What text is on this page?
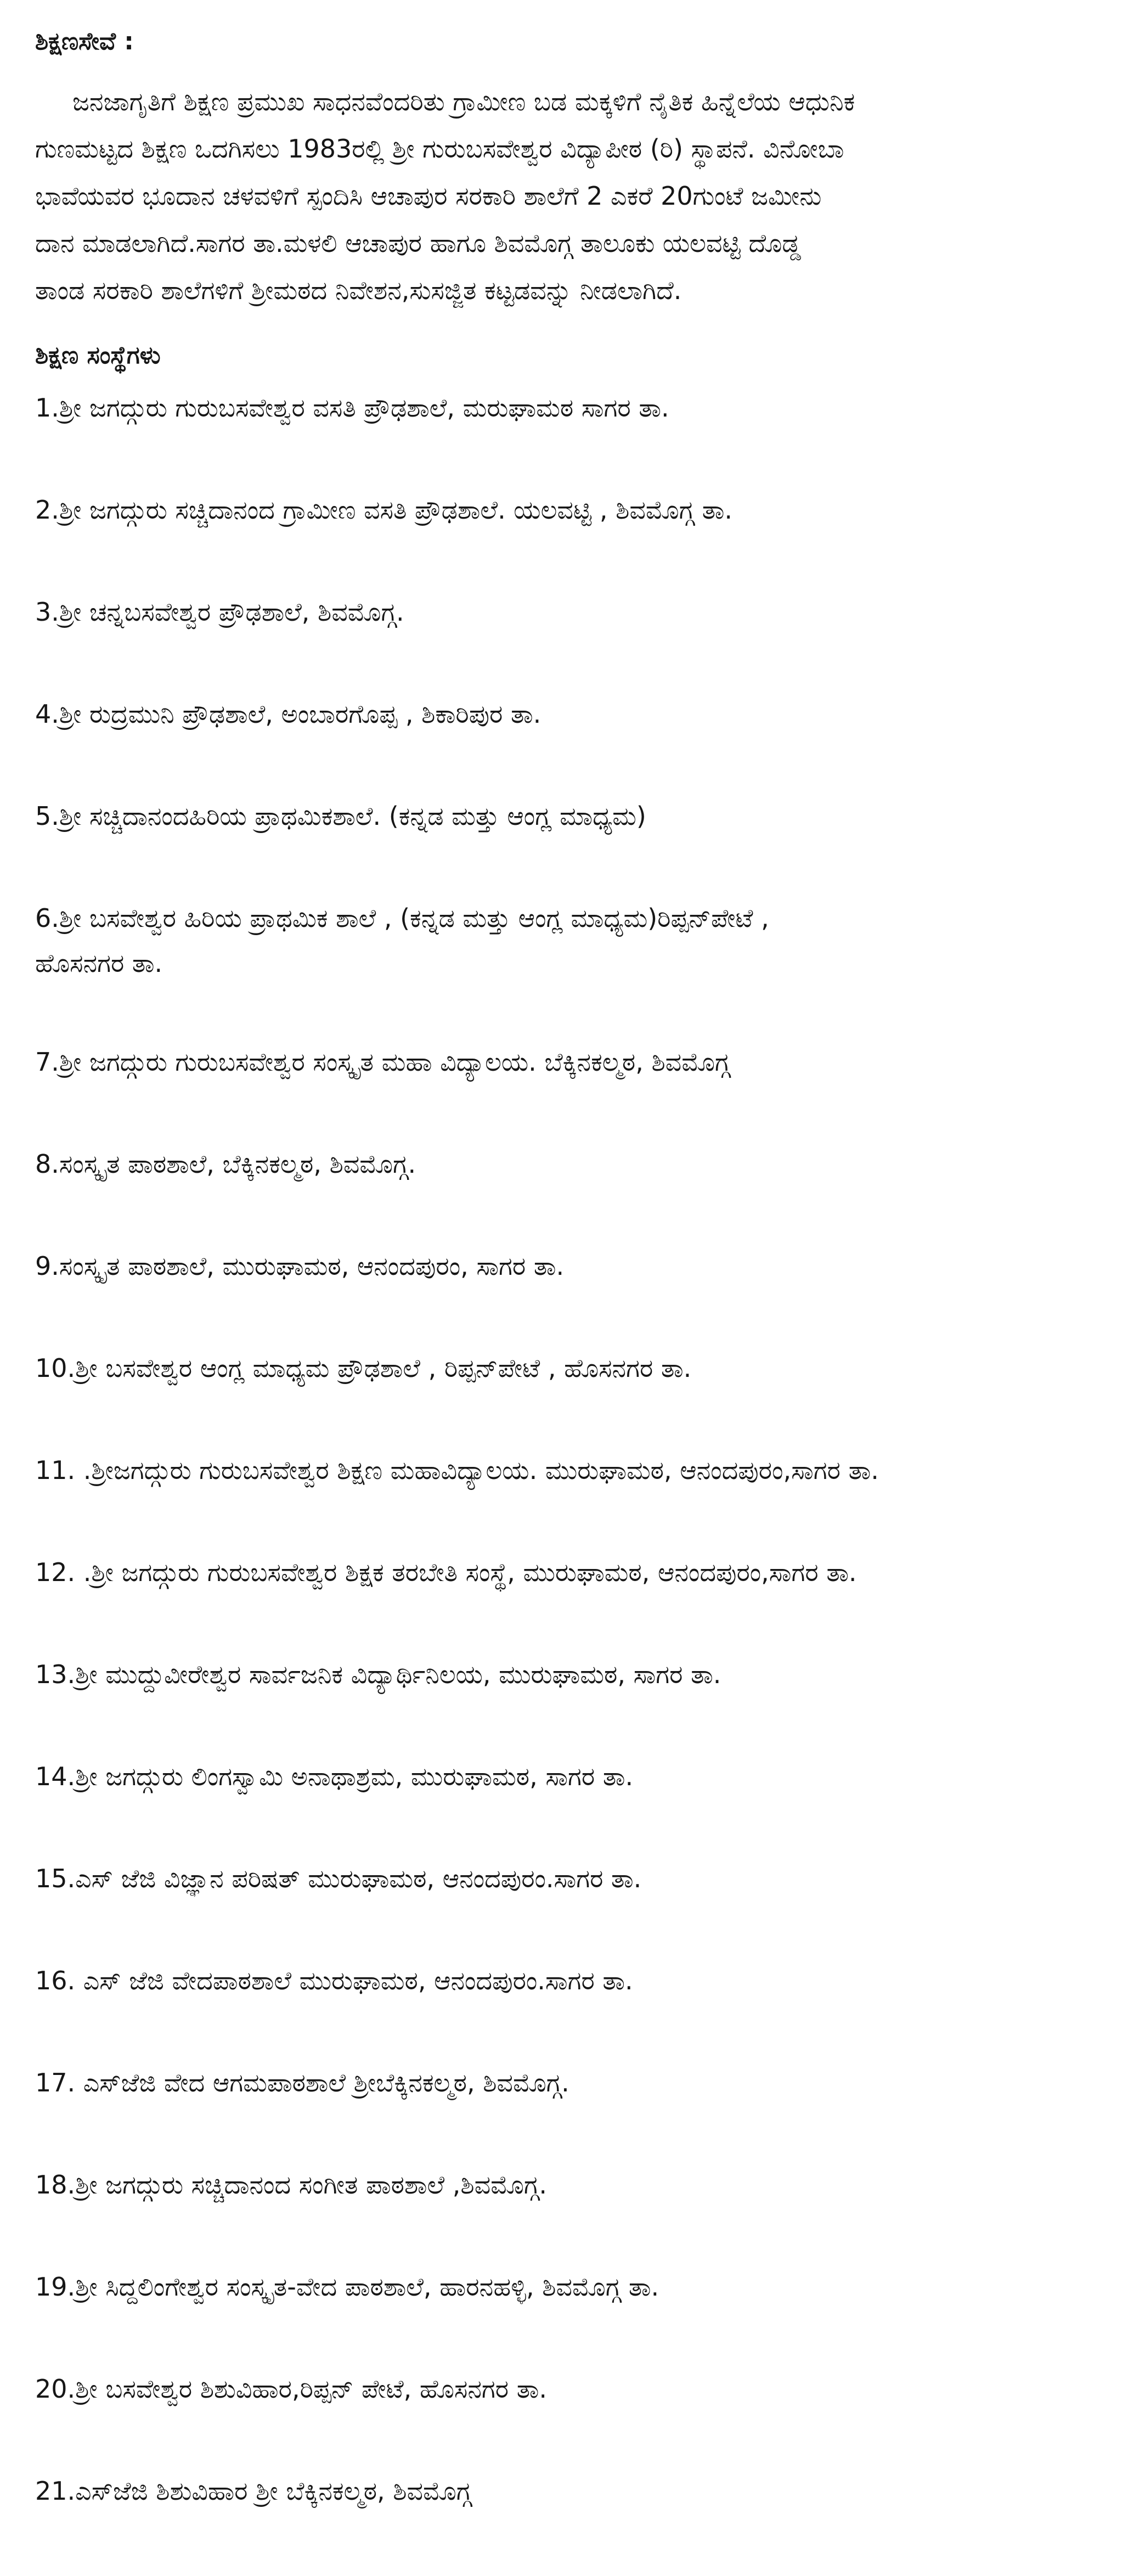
ಶಿಕ್ಷಣಸೇವೆ :
ಜನಜಾಗೃತಿಗೆ ಶಿಕ್ಷಣ ಪ್ರಮುಖ ಸಾಧನವೆಂದರಿತು ಗ್ರಾಮೀಣ ಬಡ ಮಕ್ಕಳಿಗೆ ನೈತಿಕ ಹಿನ್ನೆಲೆಯ ಆಧುನಿಕ
ಗುಣಮಟ್ಟದ ಶಿಕ್ಷಣ ಒದಗಿಸಲು 1983ರಲ್ಲಿ ಶ್ರೀ ಗುರುಬಸವೇಶ್ವರ ವಿದ್ಯಾಪೀಠ (ರಿ) ಸ್ಥಾಪನೆ. ವಿನೋಬಾ
ಭಾವೆಯವರ ಭೂದಾನ ಚಳವಳಿಗೆ ಸ್ಪಂದಿಸಿ ಆಚಾಪುರ ಸರಕಾರಿ ಶಾಲೆಗೆ 2 ಎಕರೆ 20ಗುಂಟೆ ಜಮೀನು
ದಾನ ಮಾಡಲಾಗಿದೆ.ಸಾಗರ ತಾ.ಮಳಲಿ ಆಚಾಪುರ ಹಾಗೂ ಶಿವಮೊಗ್ಗ ತಾಲೂಕು ಯಲವಟ್ಟಿ ದೊಡ್ಡ
ತಾಂಡ ಸರಕಾರಿ ಶಾಲೆಗಳಿಗೆ ಶ್ರೀಮಠದ ನಿವೇಶನ,ಸುಸಜ್ಜಿತ ಕಟ್ಟಡವನ್ನು ನೀಡಲಾಗಿದೆ.
ಶಿಕ್ಷಣ ಸಂಸ್ಥೆಗಳು
1.ಶ್ರೀ ಜಗದ್ಗುರು ಗುರುಬಸವೇಶ್ವರ ವಸತಿ ಪ್ರೌಢಶಾಲೆ, ಮರುಘಾಮಠ ಸಾಗರ ತಾ.
2.ಶ್ರೀ ಜಗದ್ಗುರು ಸಚ್ಚಿದಾನಂದ ಗ್ರಾಮೀಣ ವಸತಿ ಪ್ರೌಢಶಾಲೆ. ಯಲವಟ್ಟಿ , ಶಿವಮೊಗ್ಗ ತಾ.
3.ಶ್ರೀ ಚನ್ನಬಸವೇಶ್ವರ ಪ್ರೌಢಶಾಲೆ, ಶಿವಮೊಗ್ಗ.
4.ಶ್ರೀ ರುದ್ರಮುನಿ ಪ್ರೌಢಶಾಲೆ, ಅಂಬಾರಗೊಪ್ಪ , ಶಿಕಾರಿಪುರ ತಾ.
5.ಶ್ರೀ ಸಚ್ಚಿದಾನಂದಹಿರಿಯ ಪ್ರಾಥಮಿಕಶಾಲೆ. (ಕನ್ನಡ ಮತ್ತು ಆಂಗ್ಲ ಮಾಧ್ಯಮ)
6.ಶ್ರೀ ಬಸವೇಶ್ವರ ಹಿರಿಯ ಪ್ರಾಥಮಿಕ ಶಾಲೆ , (ಕನ್ನಡ ಮತ್ತು ಆಂಗ್ಲ ಮಾಧ್ಯಮ)ರಿಪ್ಪನ್‌ಪೇಟೆ ,
ಹೊಸನಗರ ತಾ.
7.ಶ್ರೀ ಜಗದ್ಗುರು ಗುರುಬಸವೇಶ್ವರ ಸಂಸ್ಕೃತ ಮಹಾ ವಿದ್ಯಾಲಯ. ಬೆಕ್ಕಿನಕಲ್ಮಠ, ಶಿವಮೊಗ್ಗ
8.ಸಂಸ್ಕೃತ ಪಾಠಶಾಲೆ, ಬೆಕ್ಕಿನಕಲ್ಮಠ, ಶಿವಮೊಗ್ಗ.
9.ಸಂಸ್ಕೃತ ಪಾಠಶಾಲೆ, ಮುರುಘಾಮಠ, ಆನಂದಪುರಂ, ಸಾಗರ ತಾ.
10.ಶ್ರೀ ಬಸವೇಶ್ವರ ಆಂಗ್ಲ ಮಾಧ್ಯಮ ಪ್ರೌಢಶಾಲೆ , ರಿಪ್ಪನ್‌ಪೇಟೆ , ಹೊಸನಗರ ತಾ.
11. .ಶ್ರೀಜಗದ್ಗುರು ಗುರುಬಸವೇಶ್ವರ ಶಿಕ್ಷಣ ಮಹಾವಿದ್ಯಾಲಯ. ಮುರುಘಾಮಠ, ಆನಂದಪುರಂ,ಸಾಗರ ತಾ.
12. .ಶ್ರೀ ಜಗದ್ಗುರು ಗುರುಬಸವೇಶ್ವರ ಶಿಕ್ಷಕ ತರಬೇತಿ ಸಂಸ್ಥೆ, ಮುರುಘಾಮಠ, ಆನಂದಪುರಂ,ಸಾಗರ ತಾ.
13.ಶ್ರೀ ಮುದ್ದುವೀರೇಶ್ವರ ಸಾರ್ವಜನಿಕ ವಿದ್ಯಾರ್ಥಿನಿಲಯ, ಮುರುಘಾಮಠ, ಸಾಗರ ತಾ.
14.ಶ್ರೀ ಜಗದ್ಗುರು ಲಿಂಗಸ್ವಾಮಿ ಅನಾಥಾಶ್ರಮ, ಮುರುಘಾಮಠ, ಸಾಗರ ತಾ.
15.ಎಸ್ ಜೆಜಿ ವಿಜ್ಞಾನ ಪರಿಷತ್ ಮುರುಘಾಮಠ, ಆನಂದಪುರಂ.ಸಾಗರ ತಾ.
16. ಎಸ್ ಜೆಜಿ ವೇದಪಾಠಶಾಲೆ ಮುರುಘಾಮಠ, ಆನಂದಪುರಂ.ಸಾಗರ ತಾ.
17. ಎಸ್‌ಜೆಜಿ ವೇದ ಆಗಮಪಾಠಶಾಲೆ ಶ್ರೀಬೆಕ್ಕಿನಕಲ್ಮಠ, ಶಿವಮೊಗ್ಗ.
18.ಶ್ರೀ ಜಗದ್ಗುರು ಸಚ್ಚಿದಾನಂದ ಸಂಗೀತ ಪಾಠಶಾಲೆ ,ಶಿವಮೊಗ್ಗ.
19.ಶ್ರೀ ಸಿದ್ದಲಿಂಗೇಶ್ವರ ಸಂಸ್ಕೃತ-ವೇದ ಪಾಠಶಾಲೆ, ಹಾರನಹಳ್ಳಿ, ಶಿವಮೊಗ್ಗ ತಾ.
20.ಶ್ರೀ ಬಸವೇಶ್ವರ ಶಿಶುವಿಹಾರ,ರಿಪ್ಪನ್ ಪೇಟೆ, ಹೊಸನಗರ ತಾ.
21.ಎಸ್‌ಜೆಜಿ ಶಿಶುವಿಹಾರ ಶ್ರೀ ಬೆಕ್ಕಿನಕಲ್ಮಠ, ಶಿವಮೊಗ್ಗ
